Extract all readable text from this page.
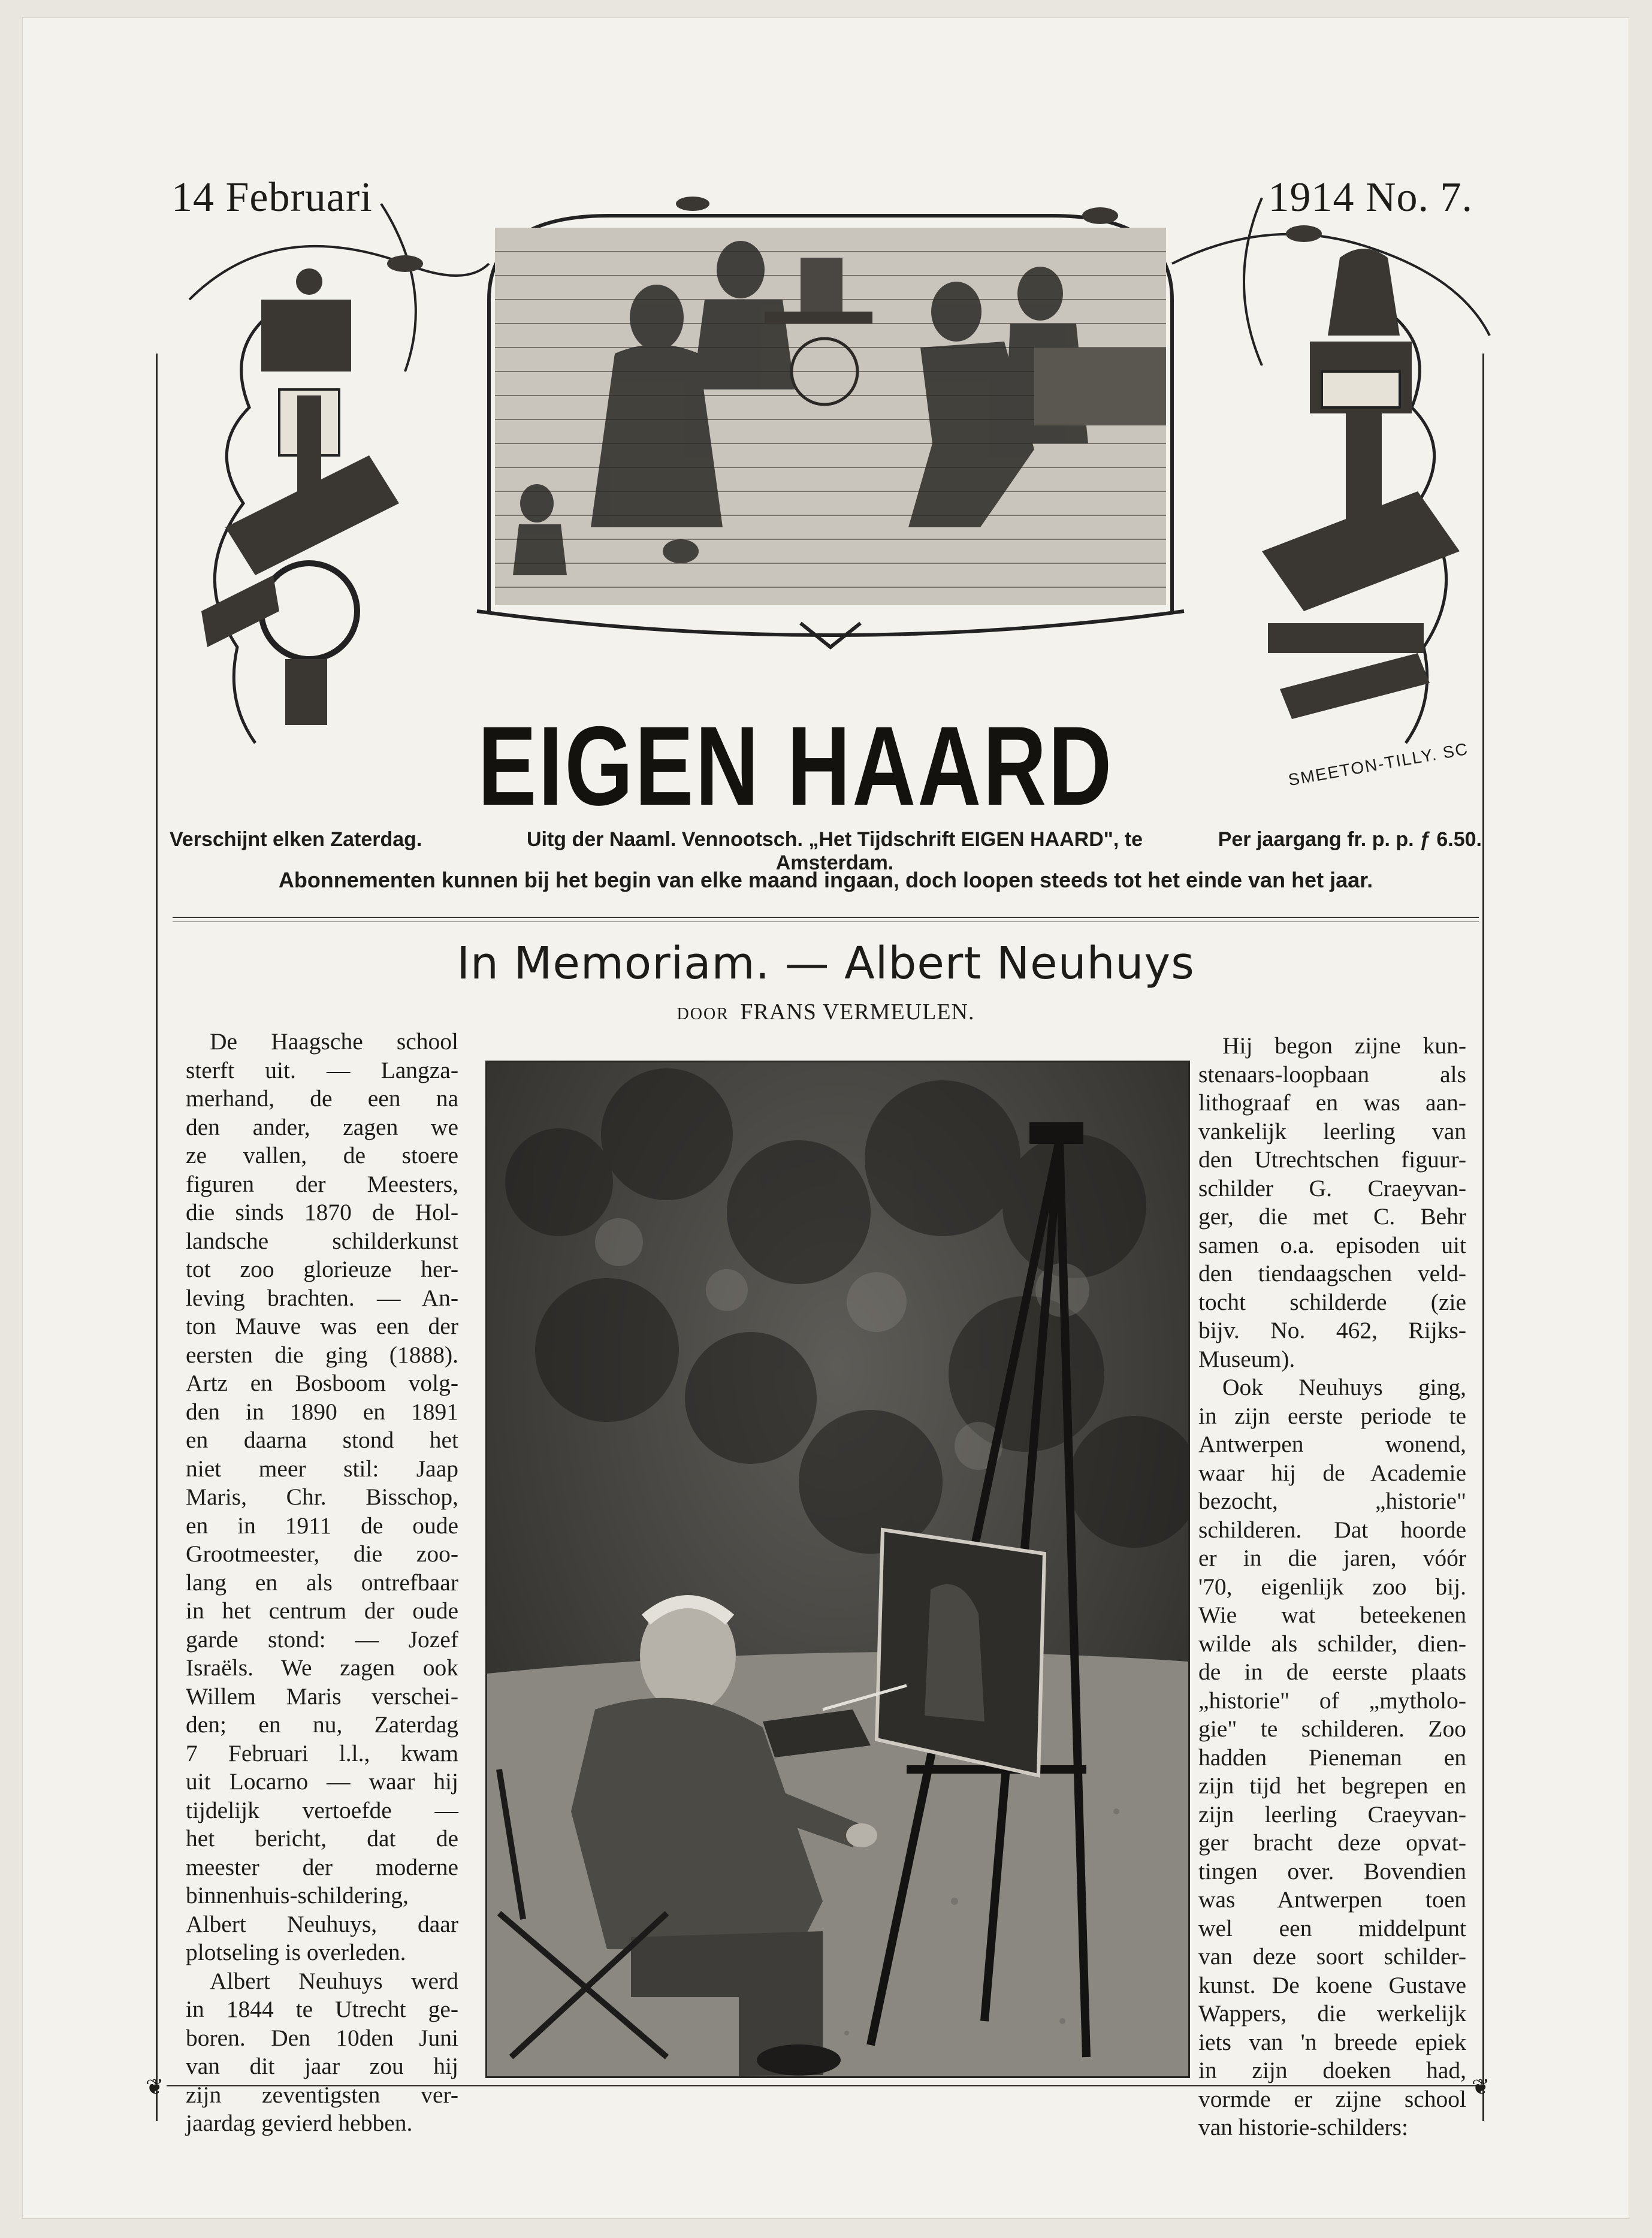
14 Februari	1914 No. 7.
EIGEN HAARD	SMEETON-TILLY. SC
Verschijnt elken Zaterdag.	Uitg der Naaml. Vennootsch. „Het Tijdschrift EIGEN HAARD", te Amsterdam.
Per jaargang fr. p. p. ƒ 6.50.
Abonnementen kunnen bij het begin van elke maand ingaan, doch loopen steeds tot het einde van het jaar.
❦	❦
In Memoriam. — Albert Neuhuys
DOOR FRANS VERMEULEN.
De Haagsche school
sterft uit. — Langza-
merhand, de een na
den ander, zagen we
ze vallen, de stoere
figuren der Meesters,
die sinds 1870 de Hol-
landsche schilderkunst
tot zoo glorieuze her-
leving brachten. — An-
ton Mauve was een der
eersten die ging (1888).
Artz en Bosboom volg-
den in 1890 en 1891
en daarna stond het
niet meer stil: Jaap
Maris, Chr. Bisschop,
en in 1911 de oude
Grootmeester, die zoo-
lang en als ontrefbaar
in het centrum der oude
garde stond: — Jozef
Israëls. We zagen ook
Willem Maris verschei-
den; en nu, Zaterdag
7 Februari l.l., kwam
uit Locarno — waar hij
tijdelijk vertoefde —
het bericht, dat de
meester der moderne
binnenhuis-schildering,
Albert Neuhuys, daar
plotseling is overleden.
Albert Neuhuys werd
in 1844 te Utrecht ge-
boren. Den 10den Juni
van dit jaar zou hij
zijn zeventigsten ver-
jaardag gevierd hebben.
Hij begon zijne kun-
stenaars-loopbaan als
lithograaf en was aan-
vankelijk leerling van
den Utrechtschen figuur-
schilder G. Craeyvan-
ger, die met C. Behr
samen o.a. episoden uit
den tiendaagschen veld-
tocht schilderde (zie
bijv. No. 462, Rijks-
Museum).
Ook Neuhuys ging,
in zijn eerste periode te
Antwerpen wonend,
waar hij de Academie
bezocht, „historie"
schilderen. Dat hoorde
er in die jaren, vóór
'70, eigenlijk zoo bij.
Wie wat beteekenen
wilde als schilder, dien-
de in de eerste plaats
„historie" of „mytholo-
gie" te schilderen. Zoo
hadden Pieneman en
zijn tijd het begrepen en
zijn leerling Craeyvan-
ger bracht deze opvat-
tingen over. Bovendien
was Antwerpen toen
wel een middelpunt
van deze soort schilder-
kunst. De koene Gustave
Wappers, die werkelijk
iets van 'n breede epiek
in zijn doeken had,
vormde er zijne school
van historie-schilders:
